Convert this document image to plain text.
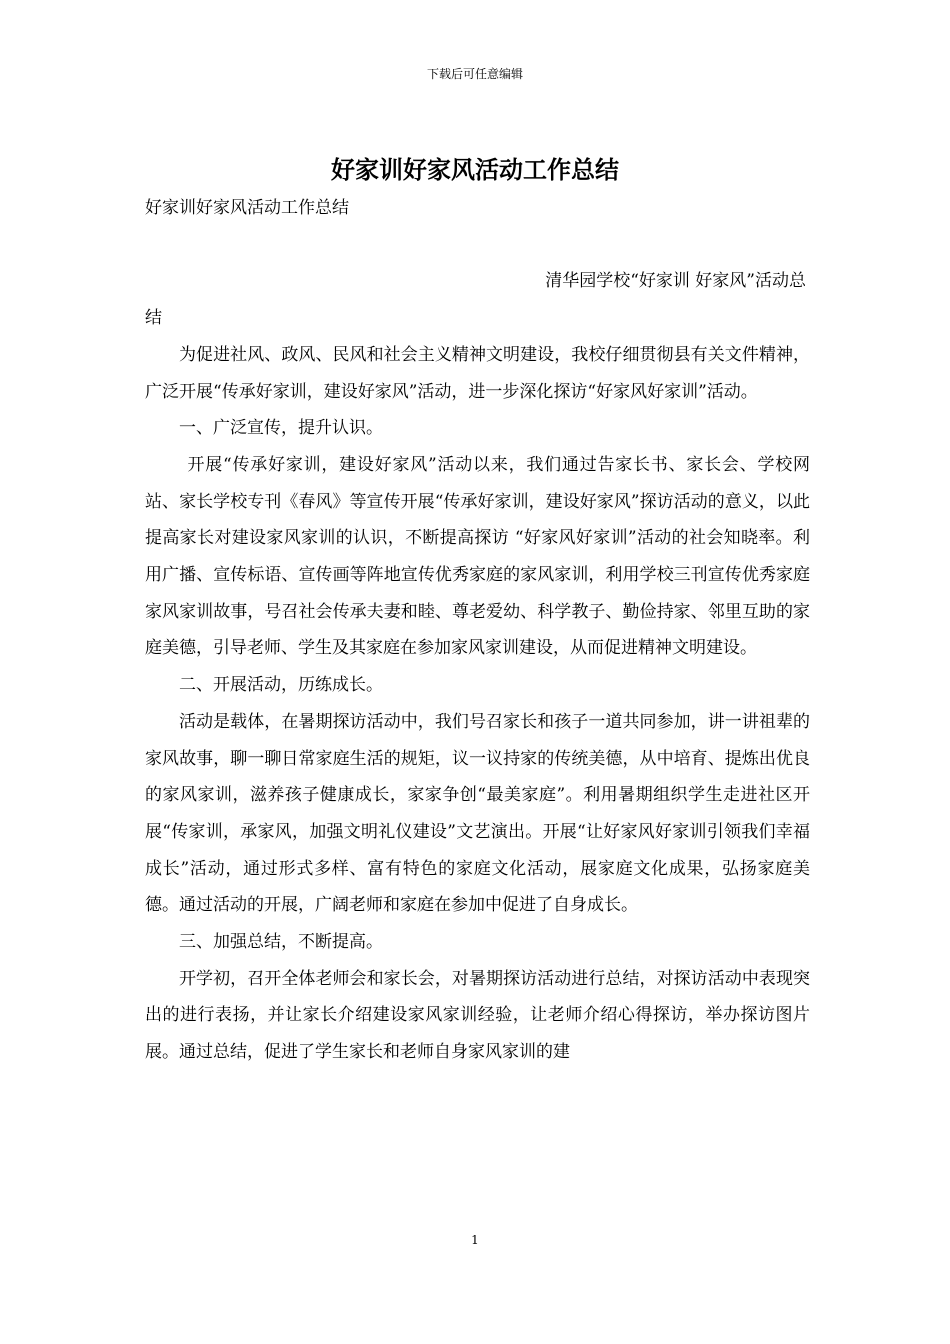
下载后可任意编辑
好家训好家风活动工作总结

好家训好家风活动工作总结

清华园学校“好家训 好家风”活动总

结

为促进社风、政风、民风和社会主义精神文明建设，我校仔细贯彻县有关文件精神，广泛开展“传承好家训，建设好家风”活动，进一步深化探访“好家风好家训”活动。

一、广泛宣传，提升认识。

开展“传承好家训，建设好家风”活动以来，我们通过告家长书、家长会、学校网站、家长学校专刊《春风》等宣传开展“传承好家训，建设好家风”探访活动的意义，以此提高家长对建设家风家训的认识，不断提高探访 “好家风好家训”活动的社会知晓率。利用广播、宣传标语、宣传画等阵地宣传优秀家庭的家风家训，利用学校三刊宣传优秀家庭家风家训故事，号召社会传承夫妻和睦、尊老爱幼、科学教子、勤俭持家、邻里互助的家庭美德，引导老师、学生及其家庭在参加家风家训建设，从而促进精神文明建设。

二、开展活动，历练成长。

活动是载体，在暑期探访活动中，我们号召家长和孩子一道共同参加，讲一讲祖辈的家风故事，聊一聊日常家庭生活的规矩，议一议持家的传统美德，从中培育、提炼出优良的家风家训，滋养孩子健康成长，家家争创“最美家庭”。利用暑期组织学生走进社区开展“传家训，承家风，加强文明礼仪建设”文艺演出。开展“让好家风好家训引领我们幸福成长”活动，通过形式多样、富有特色的家庭文化活动，展家庭文化成果，弘扬家庭美德。通过活动的开展，广阔老师和家庭在参加中促进了自身成长。

三、加强总结，不断提高。

开学初，召开全体老师会和家长会，对暑期探访活动进行总结，对探访活动中表现突出的进行表扬，并让家长介绍建设家风家训经验，让老师介绍心得探访，举办探访图片展。通过总结，促进了学生家长和老师自身家风家训的建

1
